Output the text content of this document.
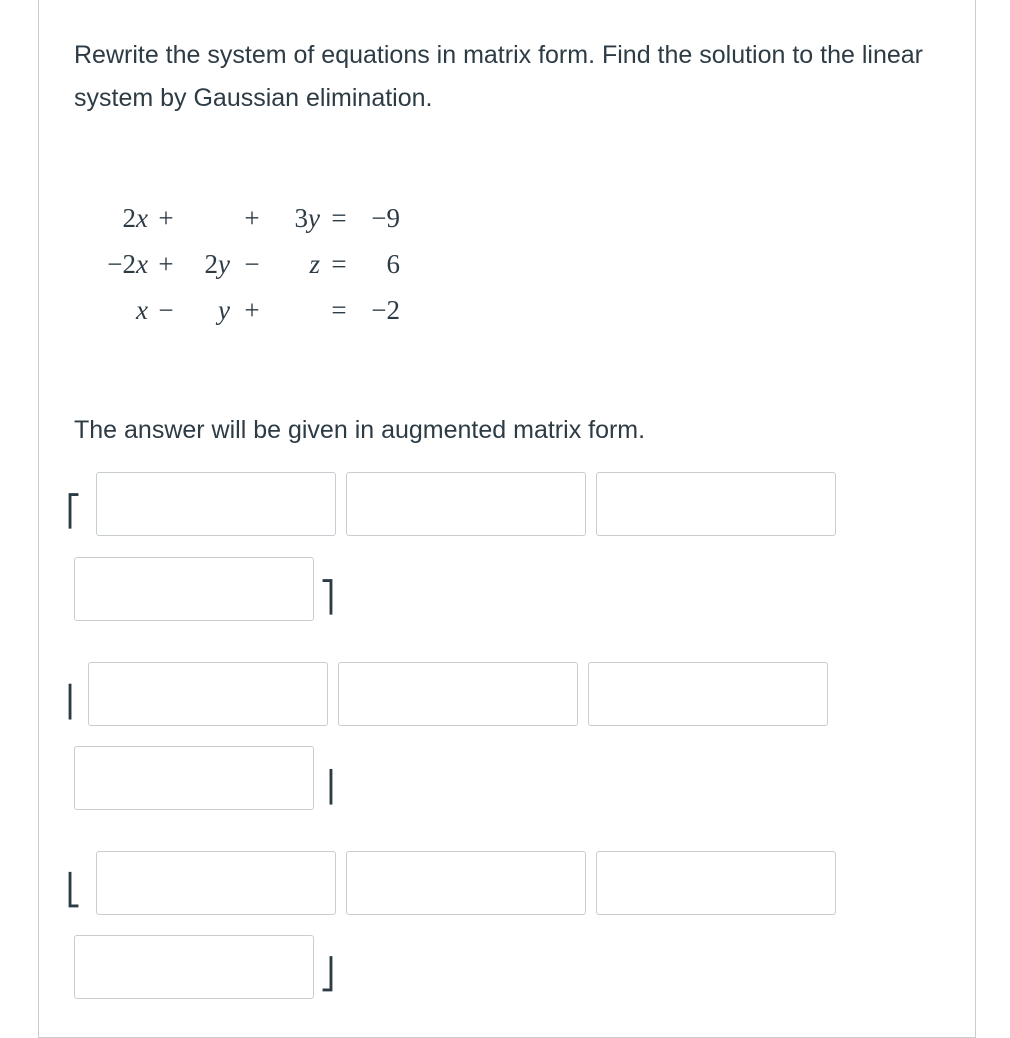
Rewrite the system of equations in matrix form. Find the solution to the linear system by Gaussian elimination.

2x	+		+	3y	=	−9
−2x	+	2y	−	z	=	6
x	−	y	+		=	−2

The answer will be given in augmented matrix form.

⎡
⎤
⎢
⎥
⎣
⎦
